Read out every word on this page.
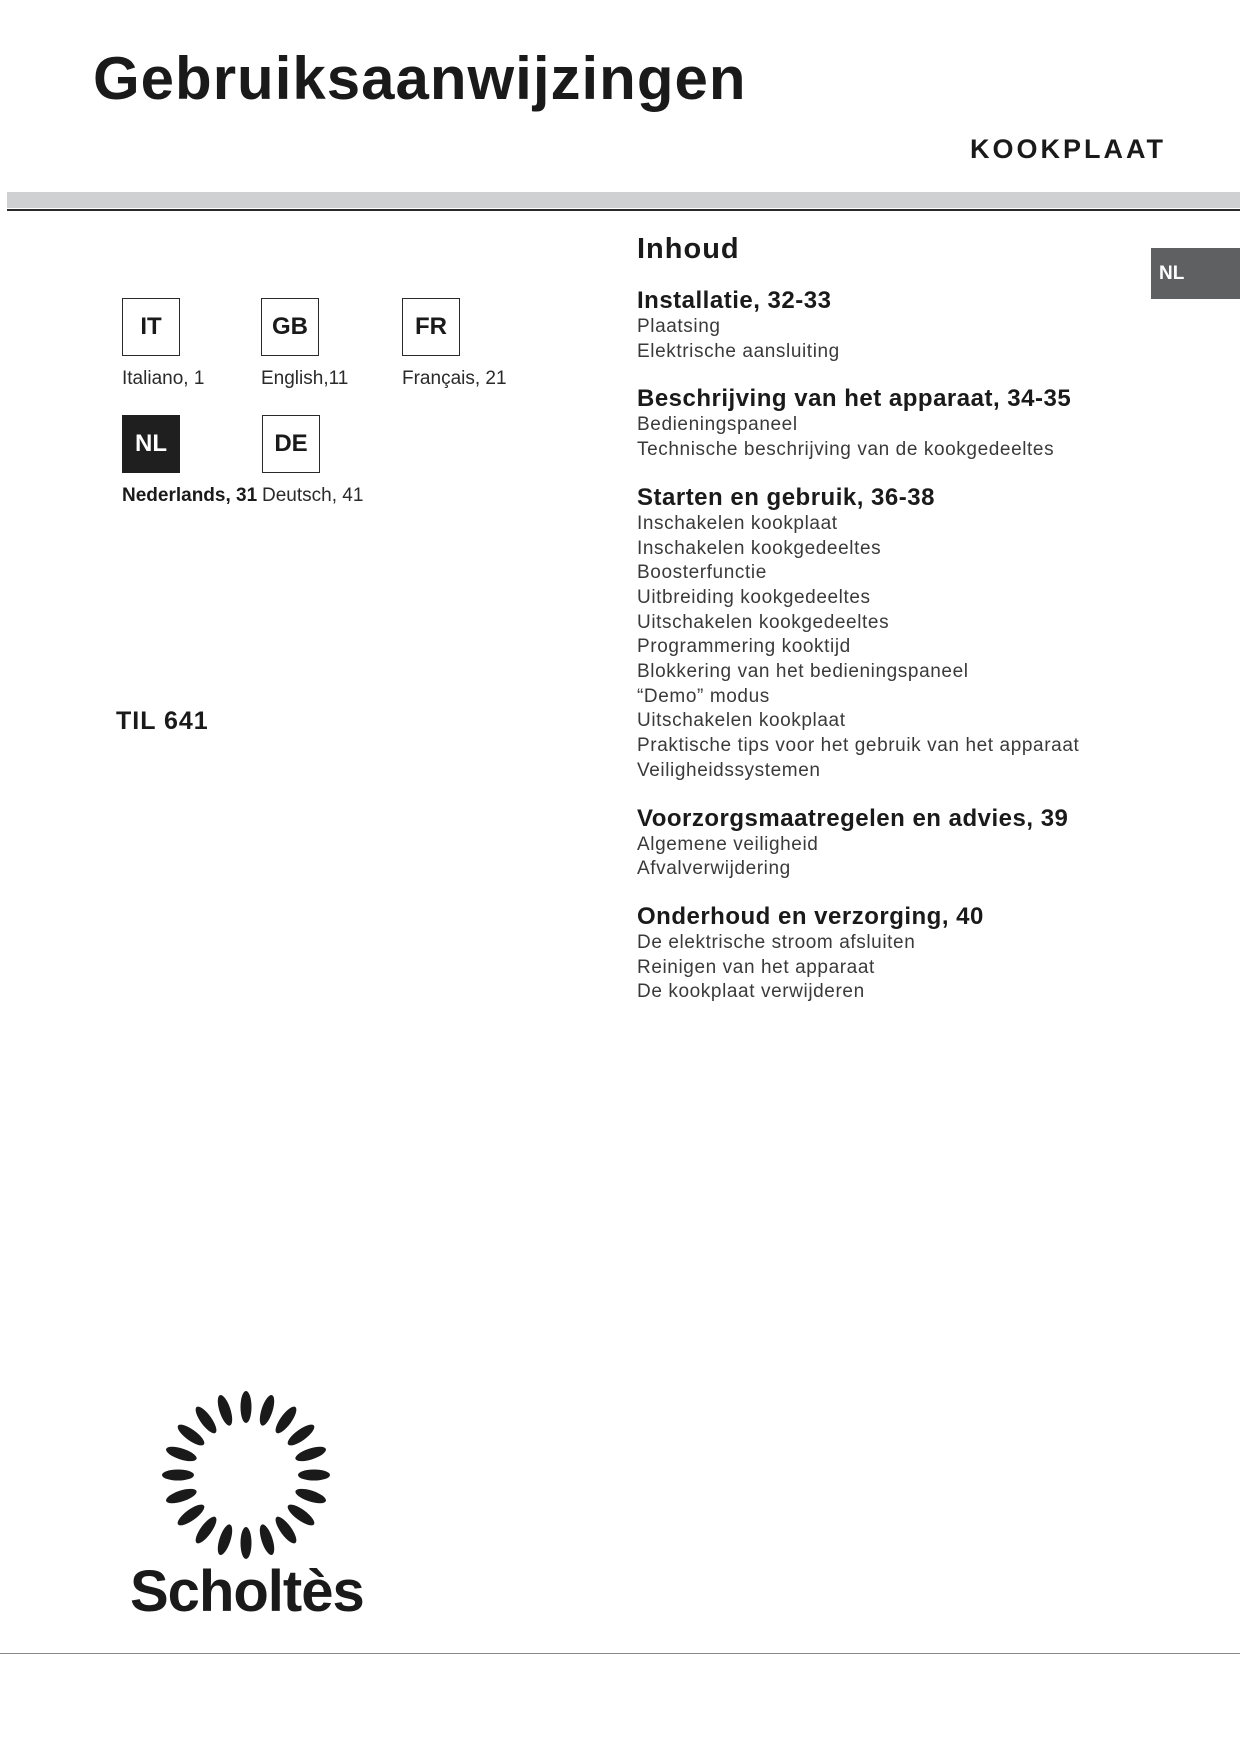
Gebruiksaanwijzingen
KOOKPLAAT
NL
IT
Italiano, 1
GB
English,11
FR
Français, 21
NL
Nederlands, 31
DE
Deutsch, 41
TIL 641
Inhoud
Installatie, 32-33
Plaatsing
Elektrische aansluiting
Beschrijving van het apparaat, 34-35
Bedieningspaneel
Technische beschrijving van de kookgedeeltes
Starten en gebruik, 36-38
Inschakelen kookplaat
Inschakelen kookgedeeltes
Boosterfunctie
Uitbreiding kookgedeeltes
Uitschakelen kookgedeeltes
Programmering kooktijd
Blokkering van het bedieningspaneel
“Demo” modus
Uitschakelen kookplaat
Praktische tips voor het gebruik van het apparaat
Veiligheidssystemen
Voorzorgsmaatregelen en advies, 39
Algemene veiligheid
Afvalverwijdering
Onderhoud en verzorging, 40
De elektrische stroom afsluiten
Reinigen van het apparaat
De kookplaat verwijderen
Scholtès
